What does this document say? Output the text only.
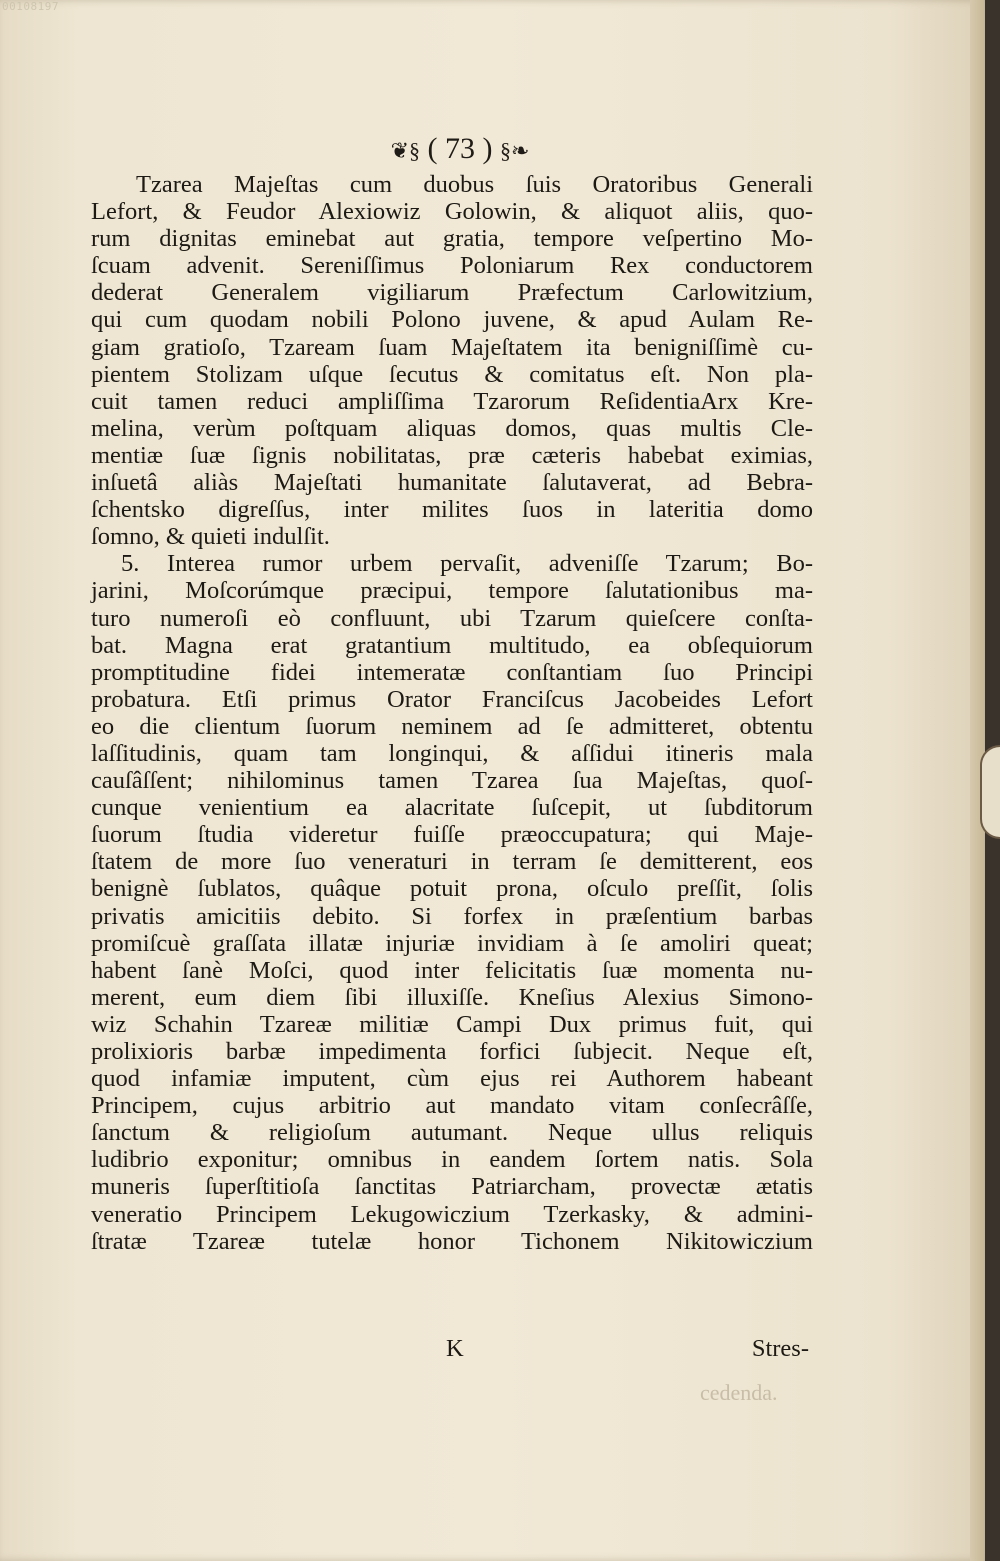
00108197
❦§ ( 73 ) §❧
Tzarea Majeſtas cum duobus ſuis Oratoribus Generali
Lefort, & Feudor Alexiowiz Golowin, & aliquot aliis, quo-
rum dignitas eminebat aut gratia, tempore veſpertino Mo-
ſcuam advenit. Sereniſſimus Poloniarum Rex conductorem
dederat Generalem vigiliarum Præfectum Carlowitzium,
qui cum quodam nobili Polono juvene, & apud Aulam Re-
giam gratioſo, Tzaream ſuam Majeſtatem ita benigniſſimè cu-
pientem Stolizam uſque ſecutus & comitatus eſt. Non pla-
cuit tamen reduci ampliſſima Tzarorum ReſidentiaArx Kre-
melina, verùm poſtquam aliquas domos, quas multis Cle-
mentiæ ſuæ ſignis nobilitatas, præ cæteris habebat eximias,
inſuetâ aliàs Majeſtati humanitate ſalutaverat, ad Bebra-
ſchentsko digreſſus, inter milites ſuos in lateritia domo
ſomno, & quieti indulſit.
5. Interea rumor urbem pervaſit, adveniſſe Tzarum; Bo-
jarini, Moſcorúmque præcipui, tempore ſalutationibus ma-
turo numeroſi eò confluunt, ubi Tzarum quieſcere conſta-
bat. Magna erat gratantium multitudo, ea obſequiorum
promptitudine fidei intemeratæ conſtantiam ſuo Principi
probatura. Etſi primus Orator Franciſcus Jacobeides Lefort
eo die clientum ſuorum neminem ad ſe admitteret, obtentu
laſſitudinis, quam tam longinqui, & aſſidui itineris mala
cauſâſſent; nihilominus tamen Tzarea ſua Majeſtas, quoſ-
cunque venientium ea alacritate ſuſcepit, ut ſubditorum
ſuorum ſtudia videretur fuiſſe præoccupatura; qui Maje-
ſtatem de more ſuo veneraturi in terram ſe demitterent, eos
benignè ſublatos, quâque potuit prona, oſculo preſſit, ſolis
privatis amicitiis debito. Si forfex in præſentium barbas
promiſcuè graſſata illatæ injuriæ invidiam à ſe amoliri queat;
habent ſanè Moſci, quod inter felicitatis ſuæ momenta nu-
merent, eum diem ſibi illuxiſſe. Kneſius Alexius Simono-
wiz Schahin Tzareæ militiæ Campi Dux primus fuit, qui
prolixioris barbæ impedimenta forfici ſubjecit. Neque eſt,
quod infamiæ imputent, cùm ejus rei Authorem habeant
Principem, cujus arbitrio aut mandato vitam conſecrâſſe,
ſanctum & religioſum autumant. Neque ullus reliquis
ludibrio exponitur; omnibus in eandem ſortem natis. Sola
muneris ſuperſtitioſa ſanctitas Patriarcham, provectæ ætatis
veneratio Principem Lekugowiczium Tzerkasky, & admini-
ſtratæ Tzareæ tutelæ honor Tichonem Nikitowiczium
K	Stres-
cedenda.
